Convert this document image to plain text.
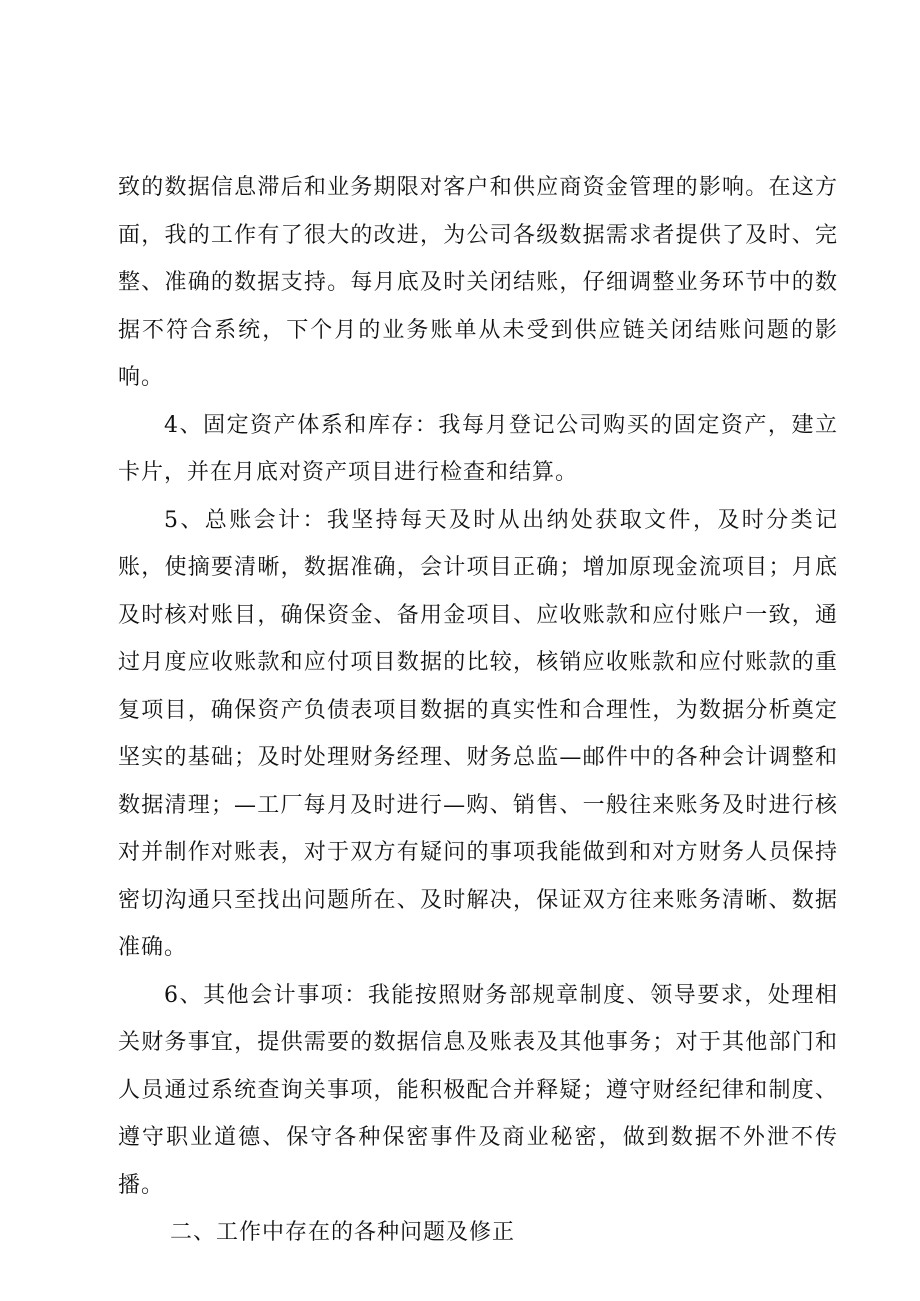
致的数据信息滞后和业务期限对客户和供应商资金管理的影响。在这方面，我的工作有了很大的改进，为公司各级数据需求者提供了及时、完整、准确的数据支持。每月底及时关闭结账，仔细调整业务环节中的数据不符合系统，下个月的业务账单从未受到供应链关闭结账问题的影响。

4、固定资产体系和库存：我每月登记公司购买的固定资产，建立卡片，并在月底对资产项目进行检查和结算。

5、总账会计：我坚持每天及时从出纳处获取文件，及时分类记账，使摘要清晰，数据准确，会计项目正确；增加原现金流项目；月底及时核对账目，确保资金、备用金项目、应收账款和应付账户一致，通过月度应收账款和应付项目数据的比较，核销应收账款和应付账款的重复项目，确保资产负债表项目数据的真实性和合理性，为数据分析奠定坚实的基础；及时处理财务经理、财务总监—邮件中的各种会计调整和数据清理；—工厂每月及时进行—购、销售、一般往来账务及时进行核对并制作对账表，对于双方有疑问的事项我能做到和对方财务人员保持密切沟通只至找出问题所在、及时解决，保证双方往来账务清晰、数据准确。

6、其他会计事项：我能按照财务部规章制度、领导要求，处理相关财务事宜，提供需要的数据信息及账表及其他事务；对于其他部门和人员通过系统查询关事项，能积极配合并释疑；遵守财经纪律和制度、遵守职业道德、保守各种保密事件及商业秘密，做到数据不外泄不传播。

二、工作中存在的各种问题及修正
